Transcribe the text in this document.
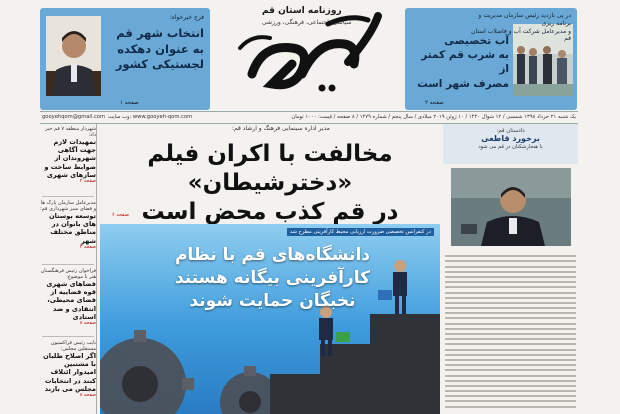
فرج خیرخواه:
انتخاب شهر قم
به عنوان دهکده
لجستیکی کشور
صفحه ۱
روزنامه استان قم
سیاسی، اجتماعی، فرهنگی، ورزشی
در پی بازدید رئیس سازمان مدیریت و برنامه ریزی
و مدیرعامل شرکت آب و فاضلاب استان قم
آب تخصیصی
به شرب قم کمتر از
مصرف شهر است
صفحه ۲
یک شنبه ۲۱ خرداد ۱۳۹۸ شمسی / ۱۲ شوال ۱۴۴۰ / ۱۰ ژوئن ۲۰۱۹ میلادی / سال پنجم / شماره ۱۲۷۹ / ۸ صفحه / قیمت: ۱۰۰۰ تومان
وب سایت: www.gooyeh-qom.com
gooyehqom@gmail.com
شهردار منطقه ۷ قم خبر داد:
تمهیدات لازم جهت آگاهی شهروندان از ضوابط ساخت و سازهای شهری
صفحه ۲
مدیرعامل سازمان پارک ها و فضای سبز شهرداری قم:
توسعه بوستان های بانوان در مناطق مختلف شهر
صفحه ۳
فراخوان رئیس فرهنگستان هنر با موضوع:
فضاهای شهری قوه قضاییه از فضای محیطی، انتقادی و ضد استادی
صفحه ۸
نایب رئیس فراکسیون مستقلین مجلس:
اگر اصلاح طلبان با مشتبین امیدوار ائتلاف کنند در انتخابات مجلس می بازند
صفحه ۸
مدیر اداره سینمایی فرهنگ و ارشاد قم:
مخالفت با اکران فیلم «دخترشیطان»
در قم کذب محض است
صفحه ۶
در کنفرانس تخصصی ضرورت ارزیابی محیط کارآفرینی مطرح شد
دانشگاه‌های قم با نظام
کارآفرینی بیگانه هستند
نخبگان حمایت شوند
دادستان قم:
برخورد قاطعی
با هنجارشکنان در قم می شود
